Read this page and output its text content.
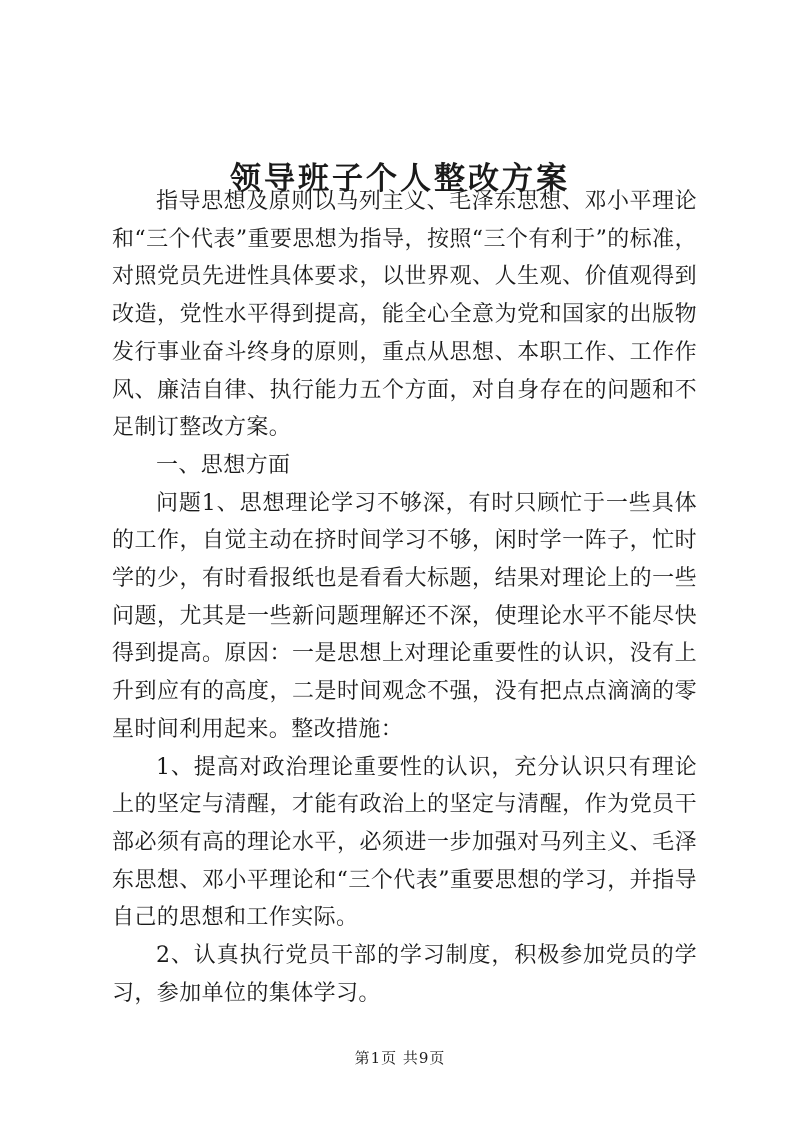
领导班子个人整改方案

指导思想及原则以马列主义、毛泽东思想、邓小平理论和“三个代表”重要思想为指导，按照“三个有利于”的标准，对照党员先进性具体要求，以世界观、人生观、价值观得到改造，党性水平得到提高，能全心全意为党和国家的出版物发行事业奋斗终身的原则，重点从思想、本职工作、工作作风、廉洁自律、执行能力五个方面，对自身存在的问题和不足制订整改方案。

一、思想方面

问题1、思想理论学习不够深，有时只顾忙于一些具体的工作，自觉主动在挤时间学习不够，闲时学一阵子，忙时学的少，有时看报纸也是看看大标题，结果对理论上的一些问题，尤其是一些新问题理解还不深，使理论水平不能尽快得到提高。原因：一是思想上对理论重要性的认识，没有上升到应有的高度，二是时间观念不强，没有把点点滴滴的零星时间利用起来。整改措施：

1、提高对政治理论重要性的认识，充分认识只有理论上的坚定与清醒，才能有政治上的坚定与清醒，作为党员干部必须有高的理论水平，必须进一步加强对马列主义、毛泽东思想、邓小平理论和“三个代表”重要思想的学习，并指导自己的思想和工作实际。

2、认真执行党员干部的学习制度，积极参加党员的学习，参加单位的集体学习。

第1页 共9页
